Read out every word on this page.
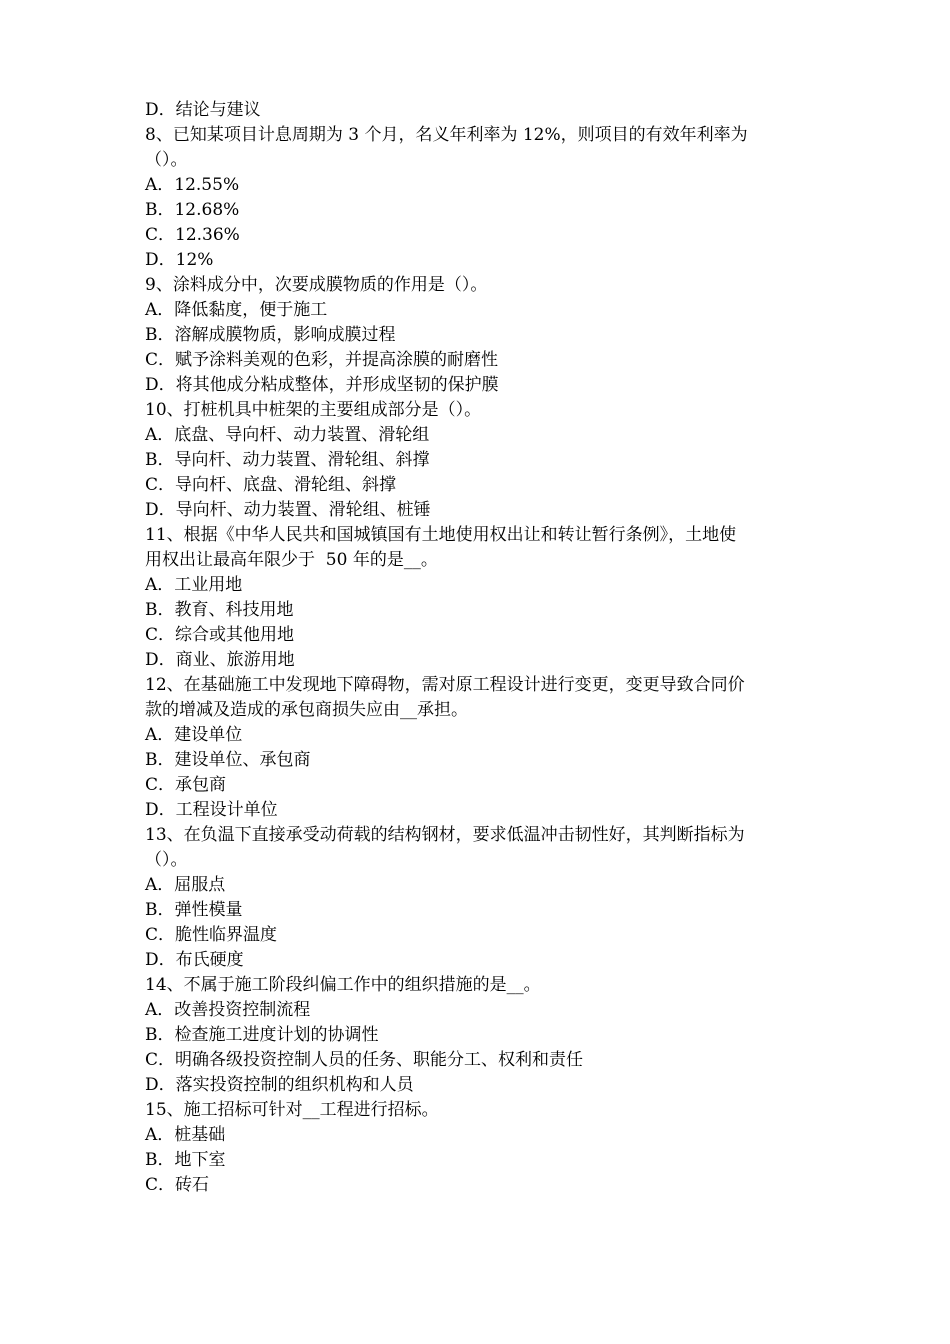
D．结论与建议
8、已知某项目计息周期为 3 个月，名义年利率为 12%，则项目的有效年利率为
（）。
A．12.55%
B．12.68%
C．12.36%
D．12%
9、涂料成分中，次要成膜物质的作用是（）。
A．降低黏度，便于施工
B．溶解成膜物质，影响成膜过程
C．赋予涂料美观的色彩，并提高涂膜的耐磨性
D．将其他成分粘成整体，并形成坚韧的保护膜
10、打桩机具中桩架的主要组成部分是（）。
A．底盘、导向杆、动力装置、滑轮组
B．导向杆、动力装置、滑轮组、斜撑
C．导向杆、底盘、滑轮组、斜撑
D．导向杆、动力装置、滑轮组、桩锤
11、根据《中华人民共和国城镇国有土地使用权出让和转让暂行条例》，土地使
用权出让最高年限少于  50 年的是__。
A．工业用地
B．教育、科技用地
C．综合或其他用地
D．商业、旅游用地
12、在基础施工中发现地下障碍物，需对原工程设计进行变更，变更导致合同价
款的增减及造成的承包商损失应由__承担。
A．建设单位
B．建设单位、承包商
C．承包商
D．工程设计单位
13、在负温下直接承受动荷载的结构钢材，要求低温冲击韧性好，其判断指标为
（）。
A．屈服点
B．弹性模量
C．脆性临界温度
D．布氏硬度
14、不属于施工阶段纠偏工作中的组织措施的是__。
A．改善投资控制流程
B．检查施工进度计划的协调性
C．明确各级投资控制人员的任务、职能分工、权利和责任
D．落实投资控制的组织机构和人员
15、施工招标可针对__工程进行招标。
A．桩基础
B．地下室
C．砖石
